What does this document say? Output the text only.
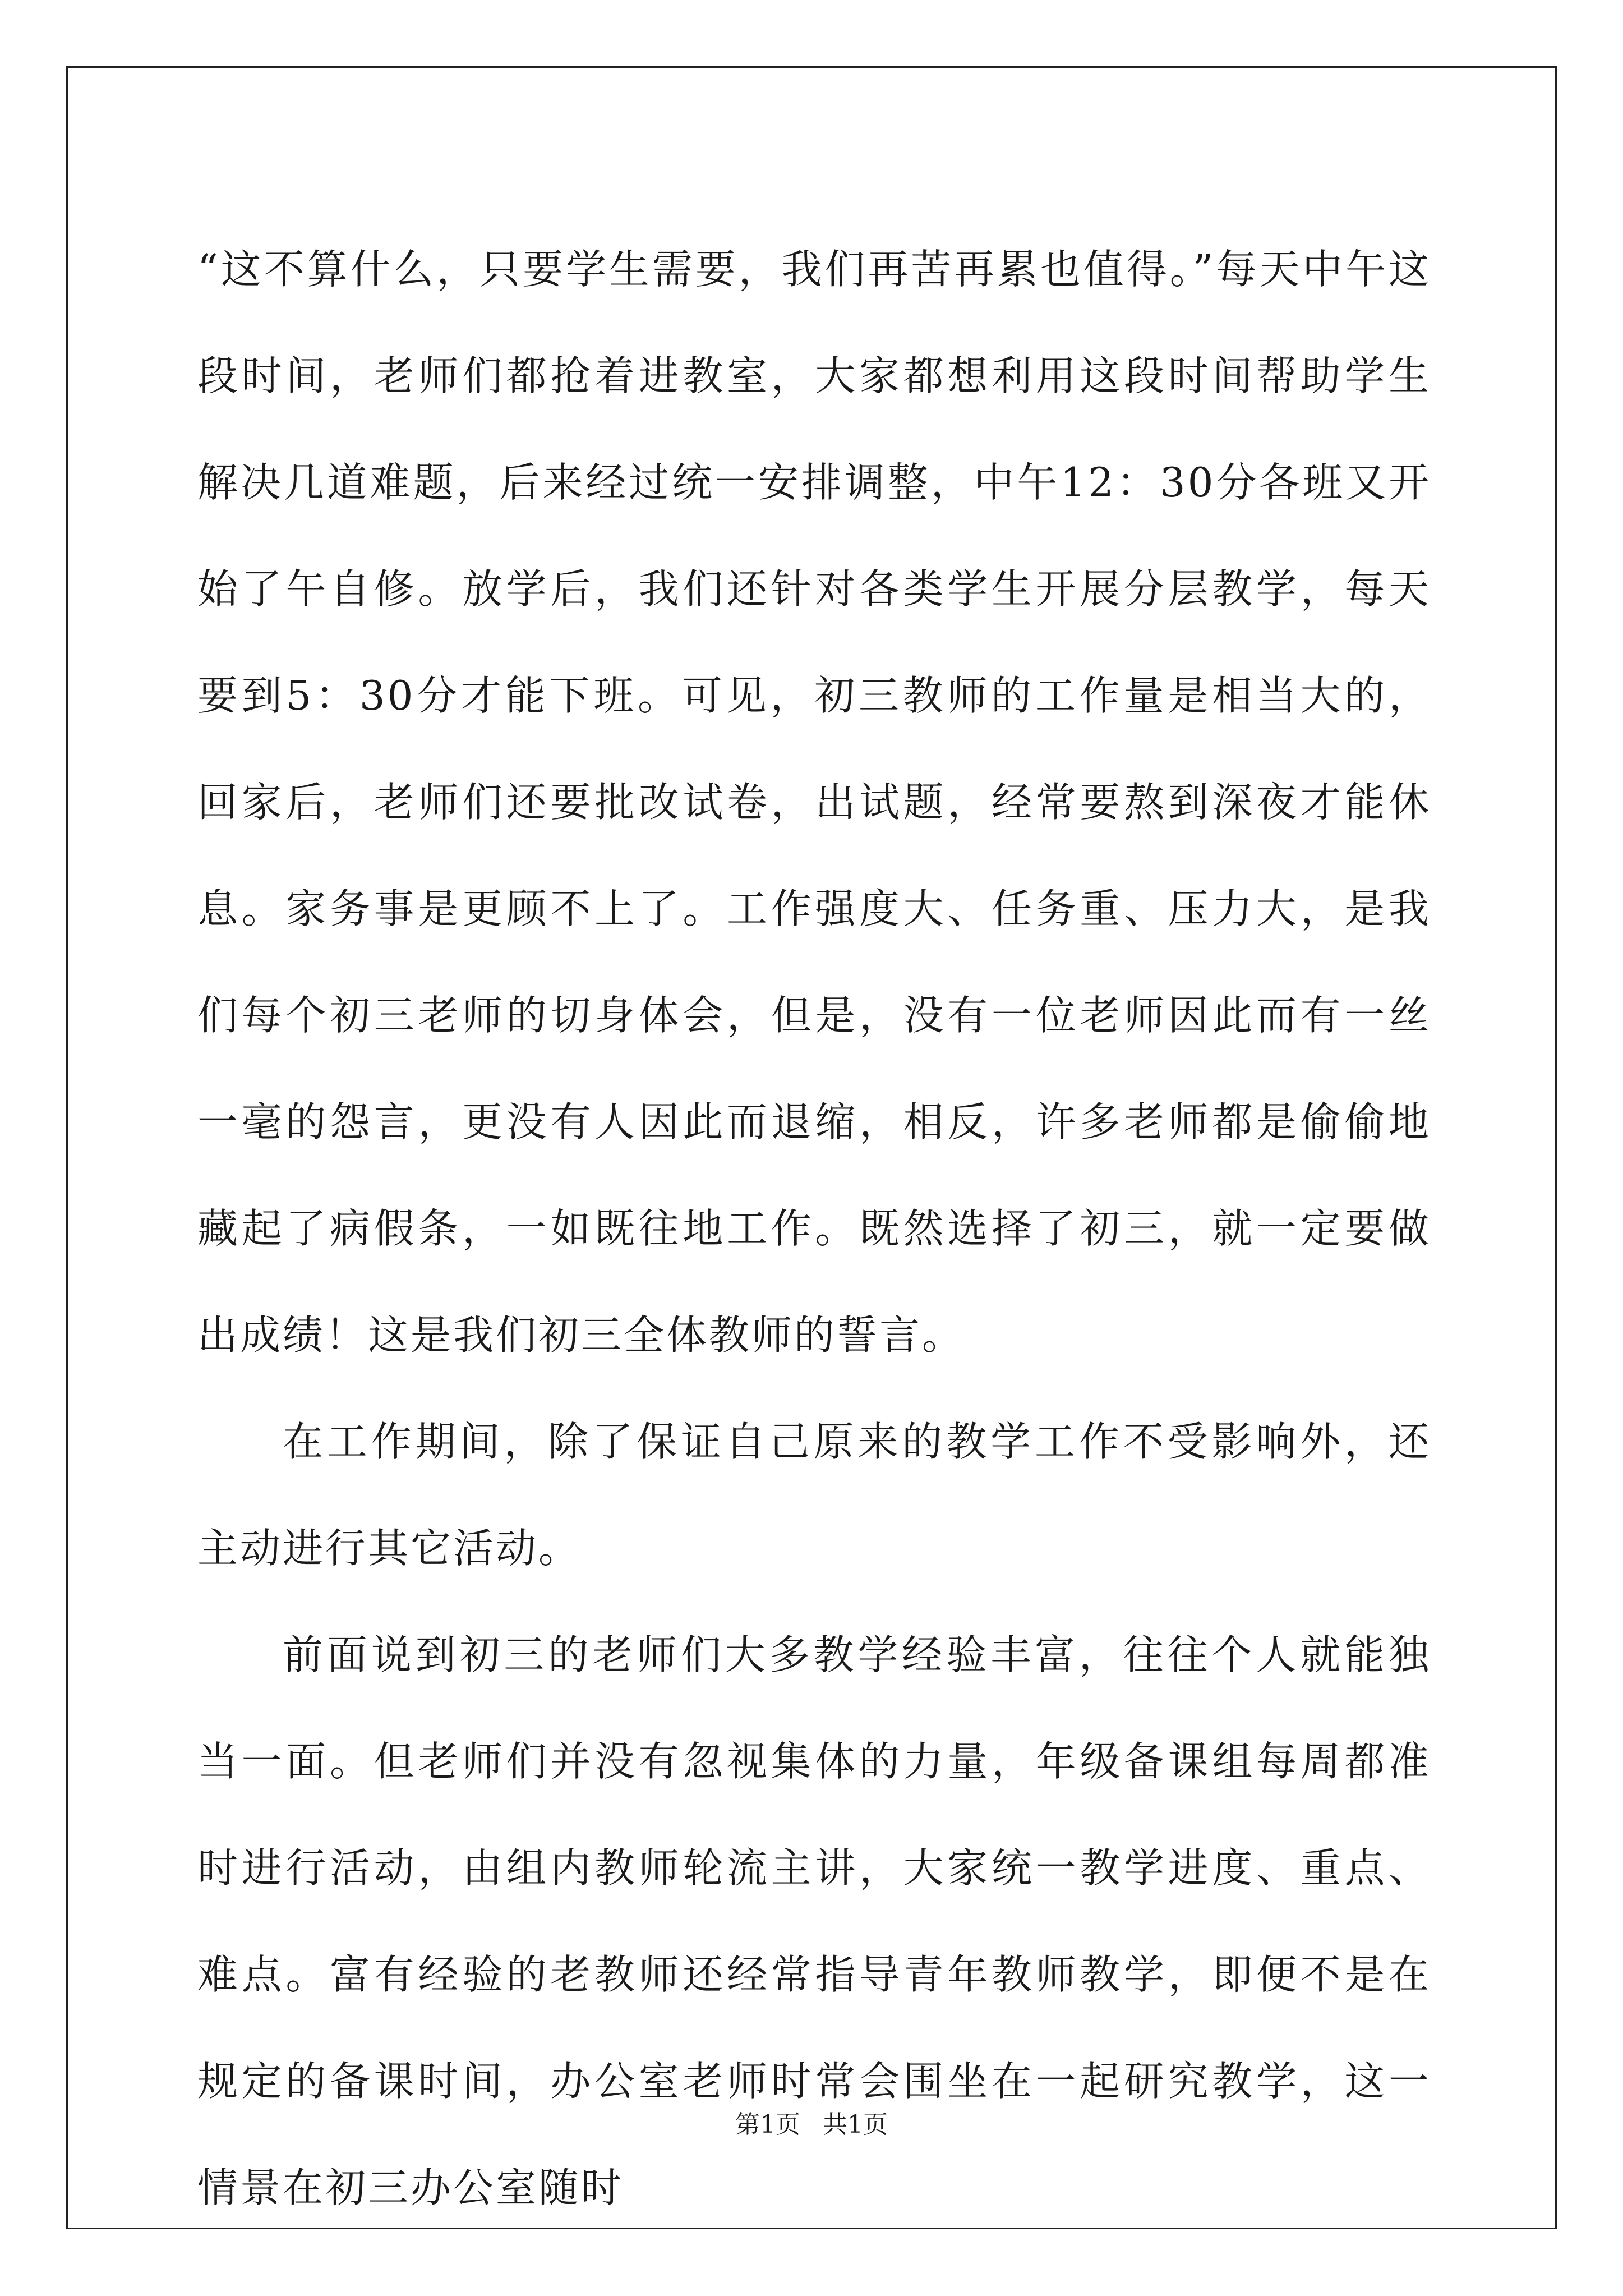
“这不算什么，只要学生需要，我们再苦再累也值得。”每天中午这段时间，老师们都抢着进教室，大家都想利用这段时间帮助学生解决几道难题，后来经过统一安排调整，中午12：30分各班又开始了午自修。放学后，我们还针对各类学生开展分层教学，每天要到5：30分才能下班。可见，初三教师的工作量是相当大的，回家后，老师们还要批改试卷，出试题，经常要熬到深夜才能休息。家务事是更顾不上了。工作强度大、任务重、压力大，是我们每个初三老师的切身体会，但是，没有一位老师因此而有一丝一毫的怨言，更没有人因此而退缩，相反，许多老师都是偷偷地藏起了病假条，一如既往地工作。既然选择了初三，就一定要做出成绩！这是我们初三全体教师的誓言。

在工作期间，除了保证自己原来的教学工作不受影响外，还主动进行其它活动。

前面说到初三的老师们大多教学经验丰富，往往个人就能独当一面。但老师们并没有忽视集体的力量，年级备课组每周都准时进行活动，由组内教师轮流主讲，大家统一教学进度、重点、难点。富有经验的老教师还经常指导青年教师教学，即便不是在规定的备课时间，办公室老师时常会围坐在一起研究教学，这一情景在初三办公室随时

第1页 共1页
